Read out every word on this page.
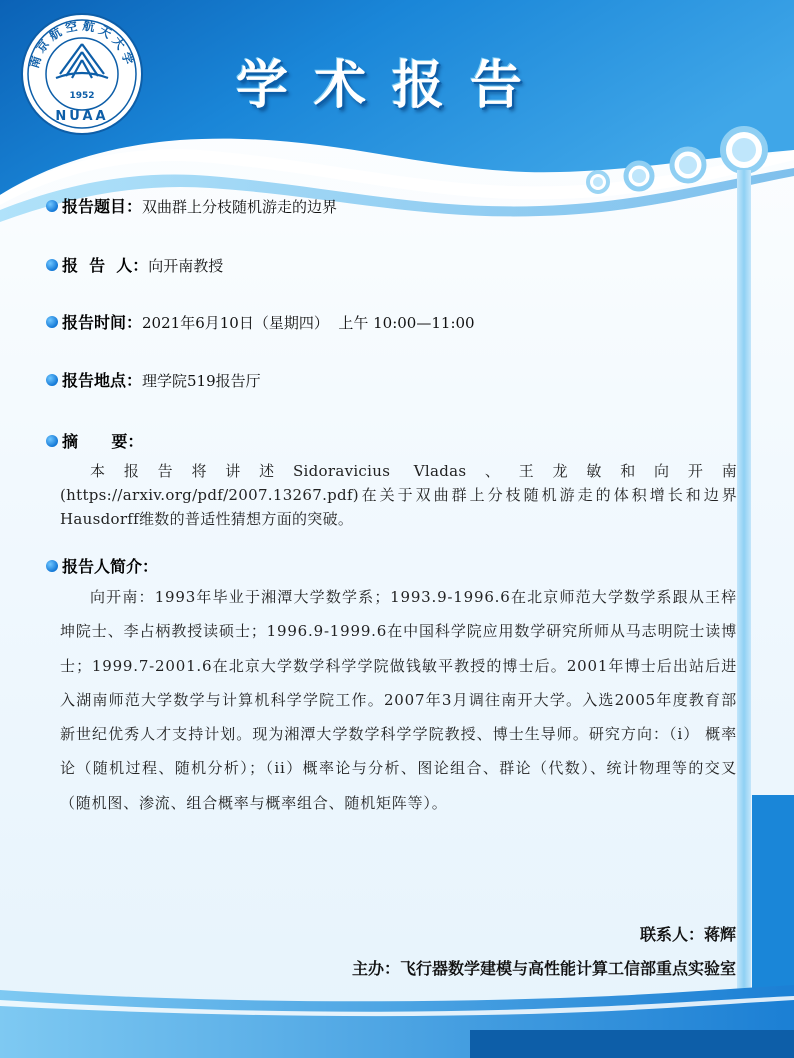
1952
NUAA
南京航空航天大学 学术报告
报告题目：双曲群上分枝随机游走的边界
报  告  人：向开南教授
报告时间：2021年6月10日（星期四）  上午 10:00—11:00
报告地点：理学院519报告厅
摘      要：

本报告将讲述Sidoravicius Vladas、王龙敏和向开南(https://arxiv.org/pdf/2007.13267.pdf)在关于双曲群上分枝随机游走的体积增长和边界Hausdorff维数的普适性猜想方面的突破。

报告人简介：

向开南：1993年毕业于湘潭大学数学系；1993.9-1996.6在北京师范大学数学系跟从王梓坤院士、李占柄教授读硕士；1996.9-1999.6在中国科学院应用数学研究所师从马志明院士读博士；1999.7-2001.6在北京大学数学科学学院做钱敏平教授的博士后。2001年博士后出站后进入湖南师范大学数学与计算机科学学院工作。2007年3月调往南开大学。入选2005年度教育部新世纪优秀人才支持计划。现为湘潭大学数学科学学院教授、博士生导师。研究方向：（i） 概率论（随机过程、随机分析）；（ii）概率论与分析、图论组合、群论（代数）、统计物理等的交叉（随机图、渗流、组合概率与概率组合、随机矩阵等）。

联系人：蒋辉
主办：飞行器数学建模与高性能计算工信部重点实验室
